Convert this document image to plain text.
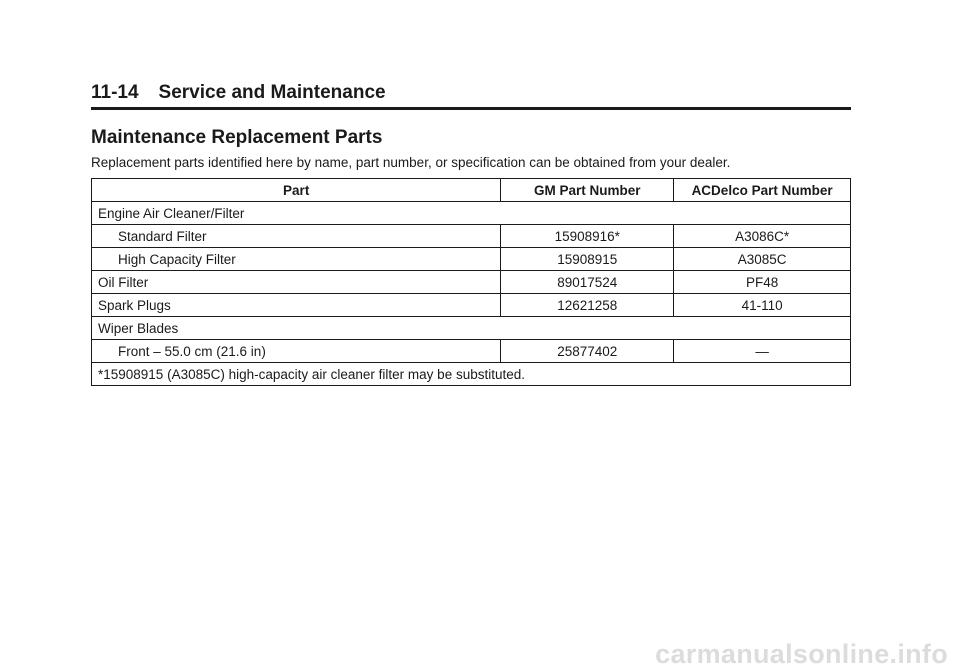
11-14 Service and Maintenance
Maintenance Replacement Parts
Replacement parts identified here by name, part number, or specification can be obtained from your dealer.
Part	GM Part Number	ACDelco Part Number
Engine Air Cleaner/Filter		
Standard Filter	15908916*	A3086C*
High Capacity Filter	15908915	A3085C
Oil Filter	89017524	PF48
Spark Plugs	12621258	41-110
Wiper Blades		
Front – 55.0 cm (21.6 in)	25877402	—
*15908915 (A3085C) high-capacity air cleaner filter may be substituted.		
carmanualsonline.info
